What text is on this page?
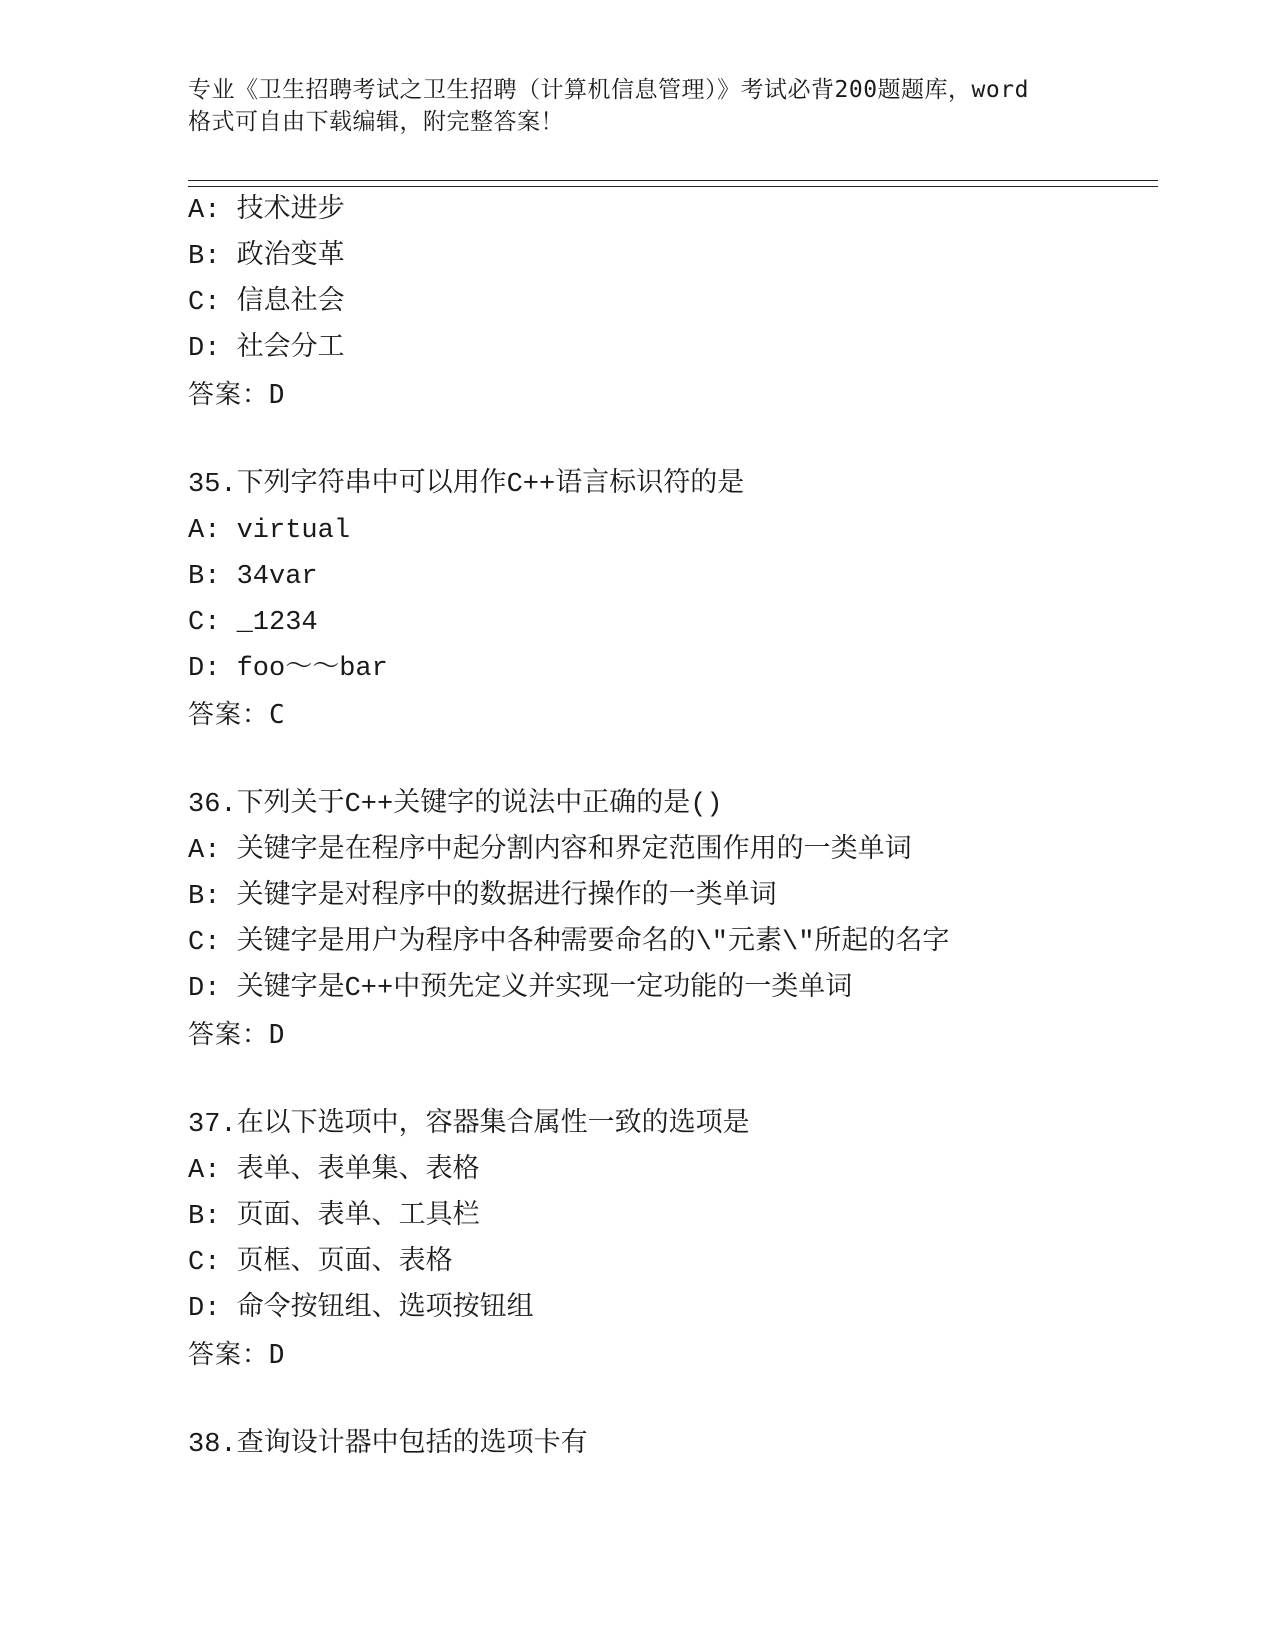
专业《卫生招聘考试之卫生招聘（计算机信息管理）》考试必背200题题库，word
格式可自由下载编辑，附完整答案！
A: 技术进步
B: 政治变革
C: 信息社会
D: 社会分工
答案：D
35.下列字符串中可以用作C++语言标识符的是
A: virtual
B: 34var
C: _1234
D: foo～～bar
答案：C
36.下列关于C++关键字的说法中正确的是()
A: 关键字是在程序中起分割内容和界定范围作用的一类单词
B: 关键字是对程序中的数据进行操作的一类单词
C: 关键字是用户为程序中各种需要命名的\"元素\"所起的名字
D: 关键字是C++中预先定义并实现一定功能的一类单词
答案：D
37.在以下选项中，容器集合属性一致的选项是
A: 表单、表单集、表格
B: 页面、表单、工具栏
C: 页框、页面、表格
D: 命令按钮组、选项按钮组
答案：D
38.查询设计器中包括的选项卡有
